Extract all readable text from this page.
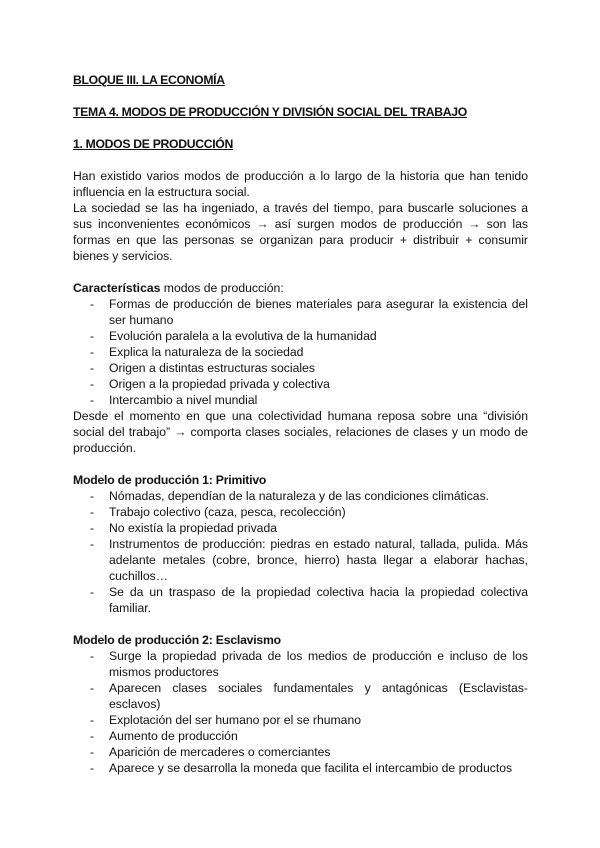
BLOQUE III. LA ECONOMÍA
TEMA 4. MODOS DE PRODUCCIÓN Y DIVISIÓN SOCIAL DEL TRABAJO
1. MODOS DE PRODUCCIÓN

Han existido varios modos de producción a lo largo de la historia que han tenido influencia en la estructura social.

La sociedad se las ha ingeniado, a través del tiempo, para buscarle soluciones a sus inconvenientes económicos → así surgen modos de producción → son las formas en que las personas se organizan para producir + distribuir + consumir bienes y servicios.

Características modos de producción:

- Formas de producción de bienes materiales para asegurar la existencia del ser humano
- Evolución paralela a la evolutiva de la humanidad
- Explica la naturaleza de la sociedad
- Origen a distintas estructuras sociales
- Origen a la propiedad privada y colectiva
- Intercambio a nivel mundial

Desde el momento en que una colectividad humana reposa sobre una “división social del trabajo” → comporta clases sociales, relaciones de clases y un modo de producción.

Modelo de producción 1: Primitivo

- Nómadas, dependían de la naturaleza y de las condiciones climáticas.
- Trabajo colectivo (caza, pesca, recolección)
- No existía la propiedad privada
- Instrumentos de producción: piedras en estado natural, tallada, pulida. Más adelante metales (cobre, bronce, hierro) hasta llegar a elaborar hachas, cuchillos…
- Se da un traspaso de la propiedad colectiva hacia la propiedad colectiva familiar.

Modelo de producción 2: Esclavismo

- Surge la propiedad privada de los medios de producción e incluso de los mismos productores
- Aparecen clases sociales fundamentales y antagónicas (Esclavistas-esclavos)
- Explotación del ser humano por el se rhumano
- Aumento de producción
- Aparición de mercaderes o comerciantes
- Aparece y se desarrolla la moneda que facilita el intercambio de productos
